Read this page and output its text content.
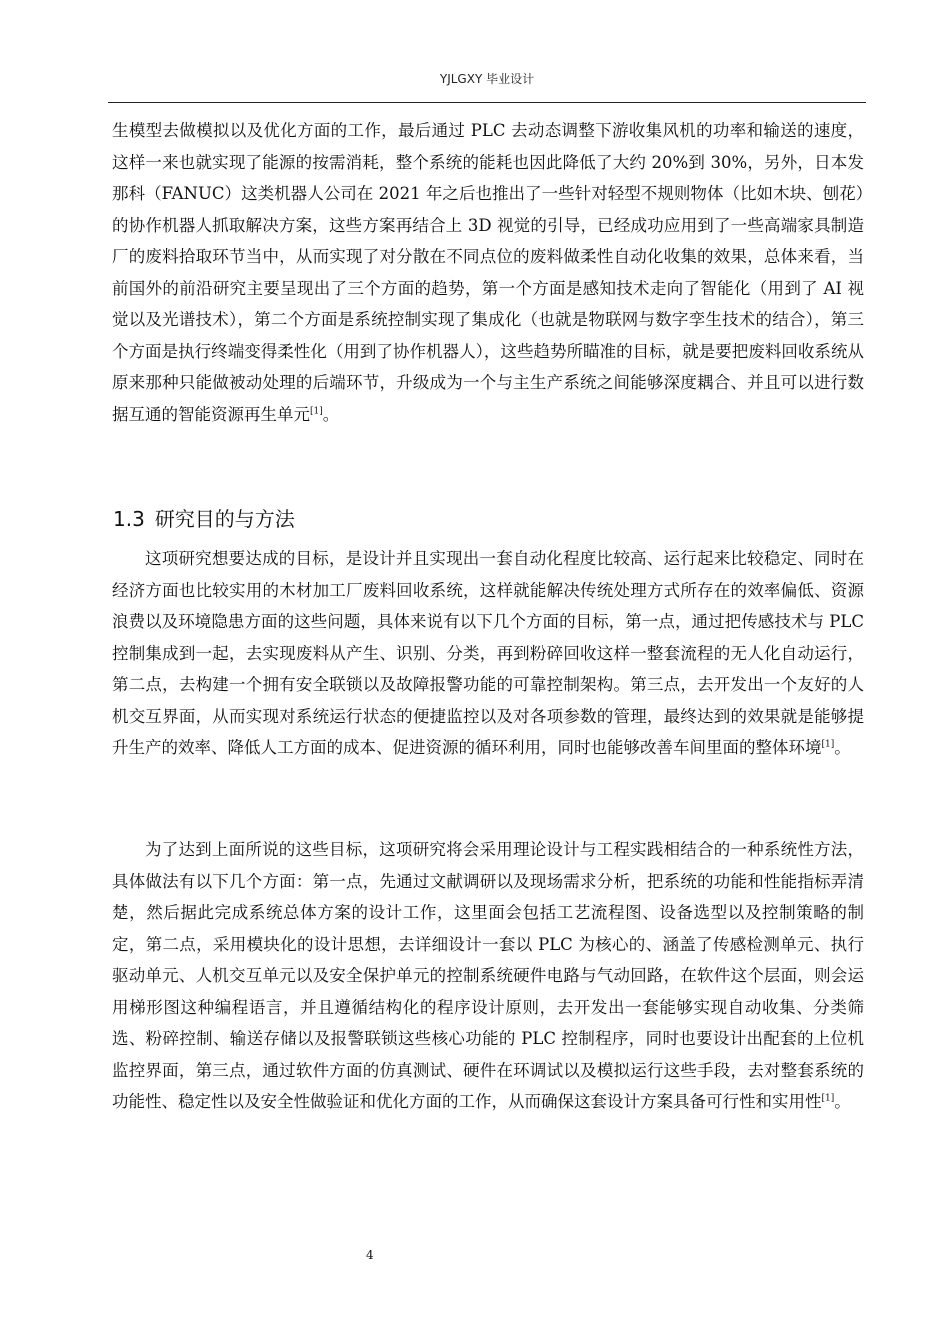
YJLGXY 毕业设计

生模型去做模拟以及优化方面的工作，最后通过 PLC 去动态调整下游收集风机的功率和输送的速度，这样一来也就实现了能源的按需消耗，整个系统的能耗也因此降低了大约 20%到 30%，另外，日本发那科（FANUC）这类机器人公司在 2021 年之后也推出了一些针对轻型不规则物体（比如木块、刨花）的协作机器人抓取解决方案，这些方案再结合上 3D 视觉的引导，已经成功应用到了一些高端家具制造厂的废料拾取环节当中，从而实现了对分散在不同点位的废料做柔性自动化收集的效果，总体来看，当前国外的前沿研究主要呈现出了三个方面的趋势，第一个方面是感知技术走向了智能化（用到了 AI 视觉以及光谱技术），第二个方面是系统控制实现了集成化（也就是物联网与数字孪生技术的结合），第三个方面是执行终端变得柔性化（用到了协作机器人），这些趋势所瞄准的目标，就是要把废料回收系统从原来那种只能做被动处理的后端环节，升级成为一个与主生产系统之间能够深度耦合、并且可以进行数据互通的智能资源再生单元[1]。

1.3 研究目的与方法

这项研究想要达成的目标，是设计并且实现出一套自动化程度比较高、运行起来比较稳定、同时在经济方面也比较实用的木材加工厂废料回收系统，这样就能解决传统处理方式所存在的效率偏低、资源浪费以及环境隐患方面的这些问题，具体来说有以下几个方面的目标，第一点，通过把传感技术与 PLC 控制集成到一起，去实现废料从产生、识别、分类，再到粉碎回收这样一整套流程的无人化自动运行，第二点，去构建一个拥有安全联锁以及故障报警功能的可靠控制架构。第三点，去开发出一个友好的人机交互界面，从而实现对系统运行状态的便捷监控以及对各项参数的管理，最终达到的效果就是能够提升生产的效率、降低人工方面的成本、促进资源的循环利用，同时也能够改善车间里面的整体环境[1]。

为了达到上面所说的这些目标，这项研究将会采用理论设计与工程实践相结合的一种系统性方法，具体做法有以下几个方面：第一点，先通过文献调研以及现场需求分析，把系统的功能和性能指标弄清楚，然后据此完成系统总体方案的设计工作，这里面会包括工艺流程图、设备选型以及控制策略的制定，第二点，采用模块化的设计思想，去详细设计一套以 PLC 为核心的、涵盖了传感检测单元、执行驱动单元、人机交互单元以及安全保护单元的控制系统硬件电路与气动回路，在软件这个层面，则会运用梯形图这种编程语言，并且遵循结构化的程序设计原则，去开发出一套能够实现自动收集、分类筛选、粉碎控制、输送存储以及报警联锁这些核心功能的 PLC 控制程序，同时也要设计出配套的上位机监控界面，第三点，通过软件方面的仿真测试、硬件在环调试以及模拟运行这些手段，去对整套系统的功能性、稳定性以及安全性做验证和优化方面的工作，从而确保这套设计方案具备可行性和实用性[1]。

4
